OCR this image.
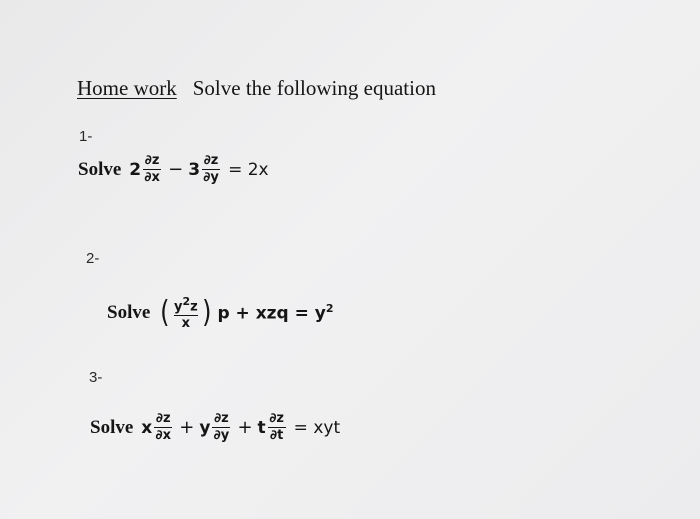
Home work Solve the following equation
1-
Solve $2 \frac{\partial z}{\partial x} - 3 \frac{\partial z}{\partial y} = 2x$
2-
Solve ( $\frac{y^2z}{x}$ ) p + xzq = $y^2$
3-
Solve x $\frac{\partial z}{\partial x} + y \frac{\partial z}{\partial y} + t \frac{\partial z}{\partial t}$ = xyt
